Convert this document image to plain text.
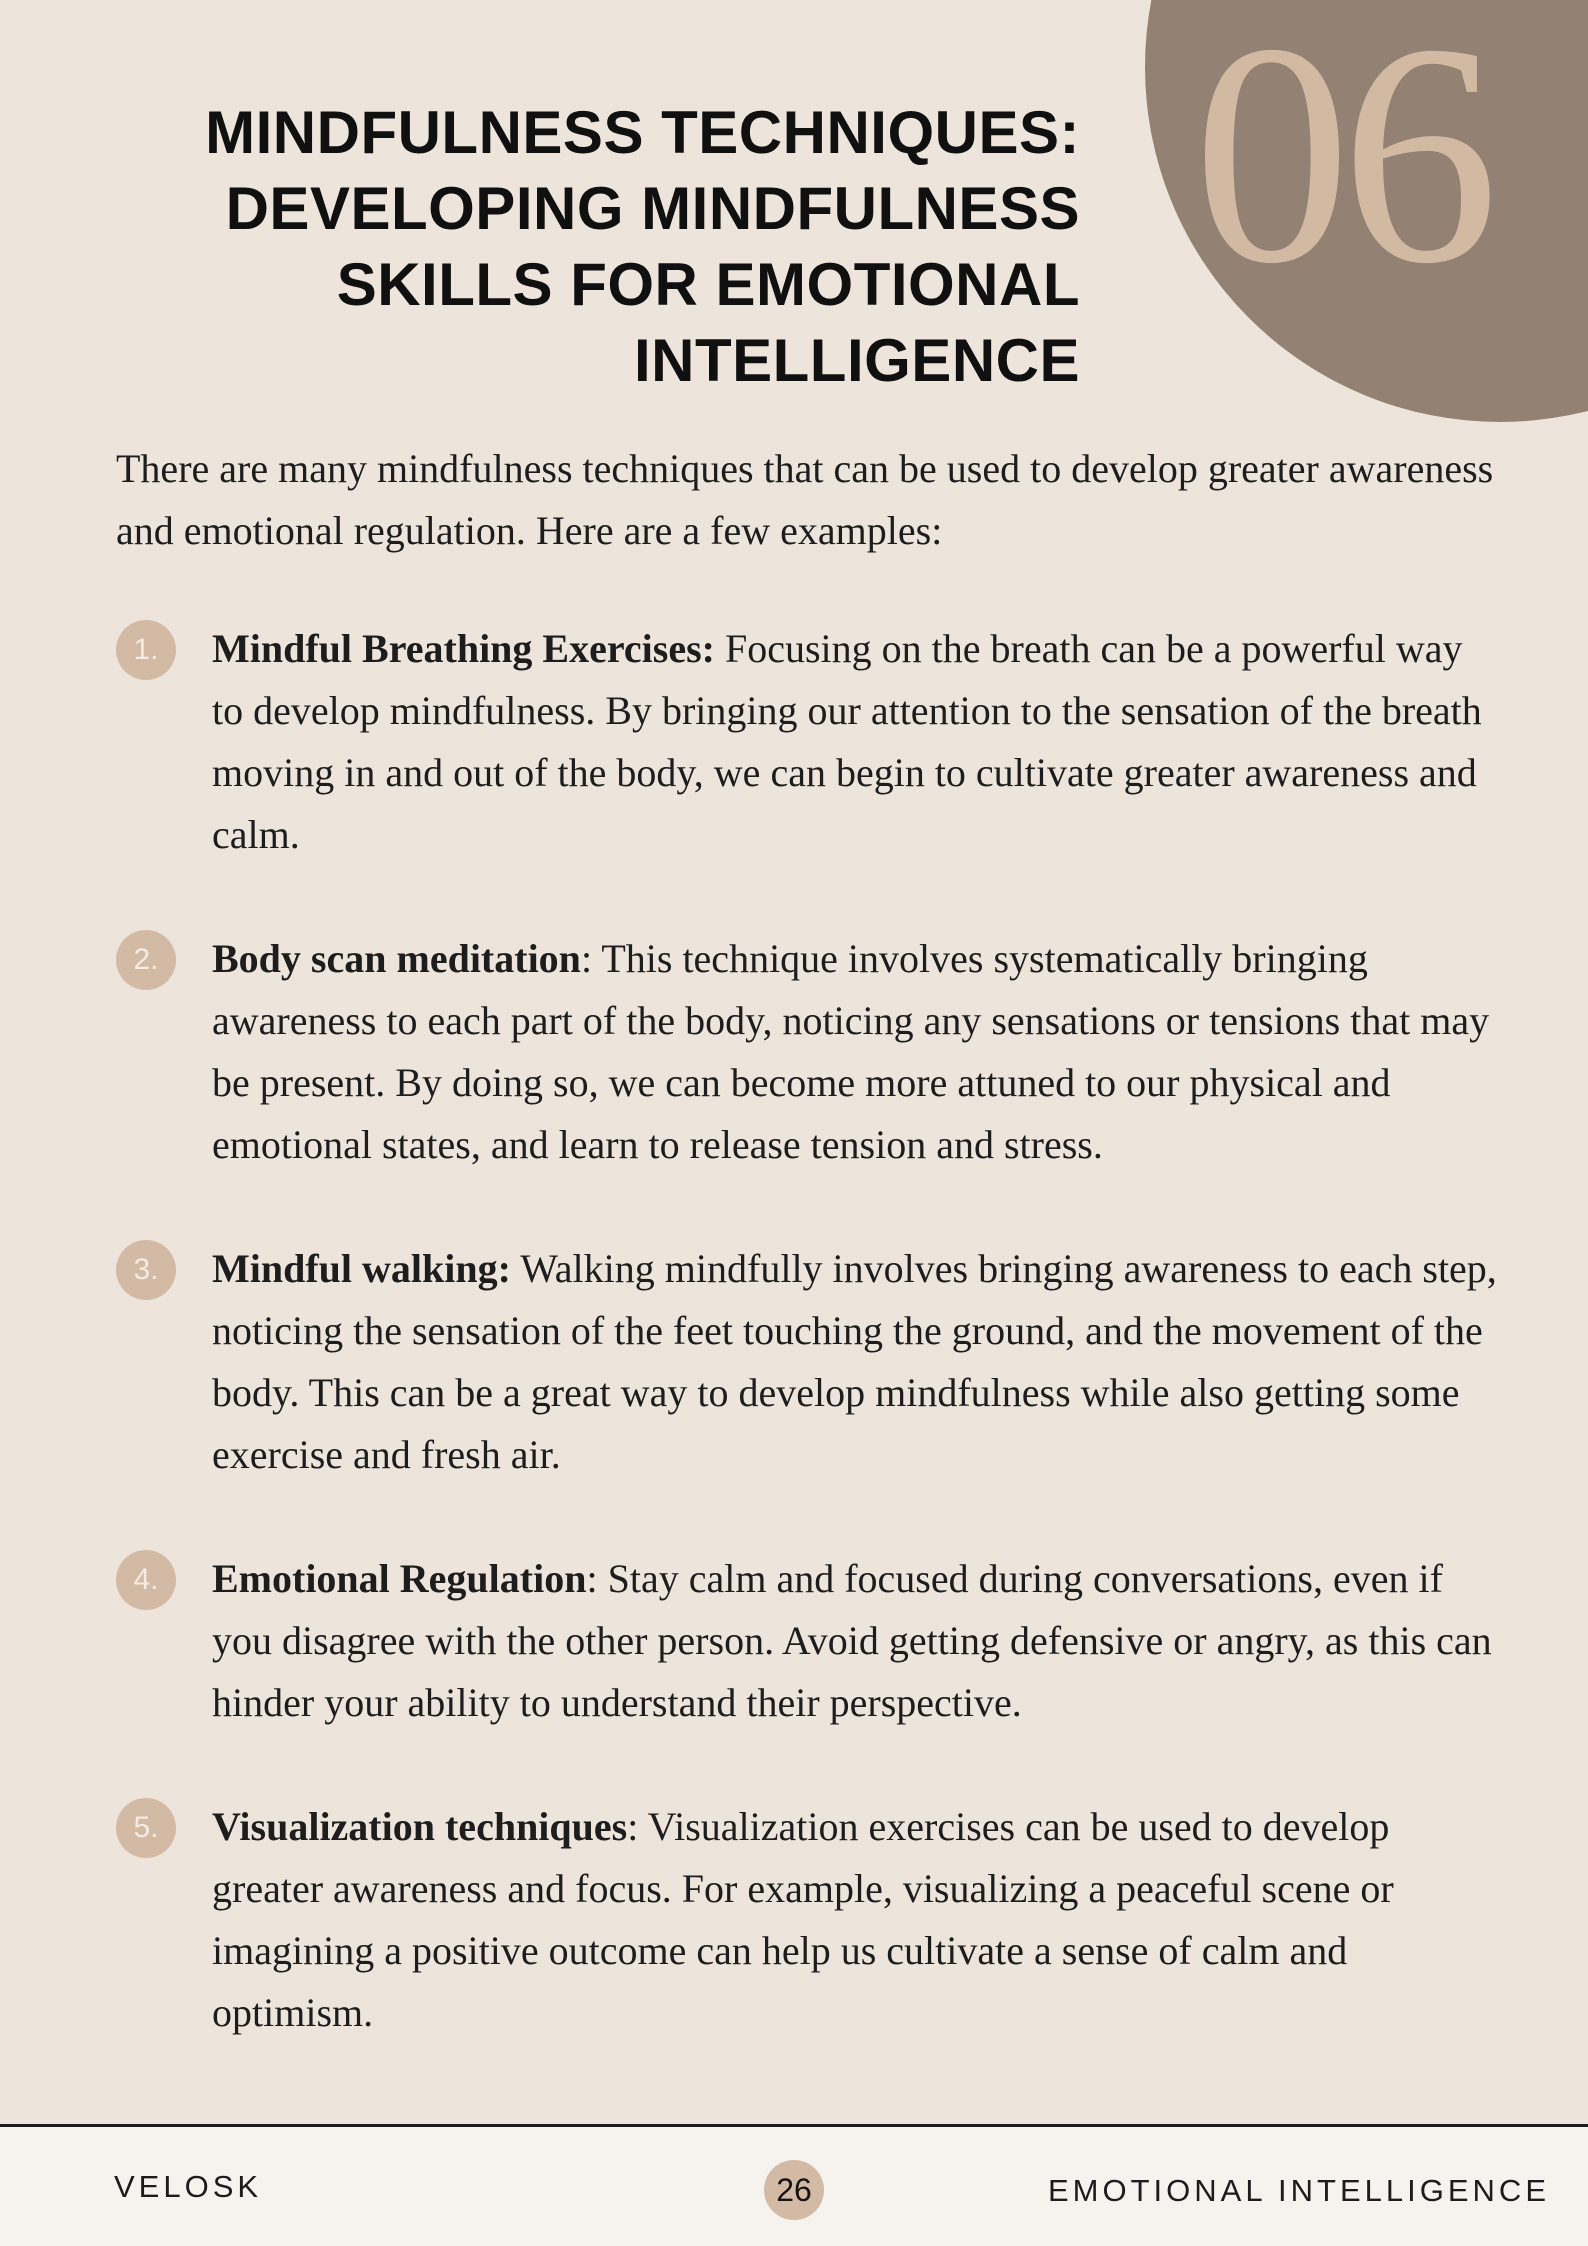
06
MINDFULNESS TECHNIQUES:
DEVELOPING MINDFULNESS
SKILLS FOR EMOTIONAL
INTELLIGENCE

There are many mindfulness techniques that can be used to develop greater awareness and emotional regulation. Here are a few examples:

1.	Mindful Breathing Exercises: Focusing on the breath can be a powerful way to develop mindfulness. By bringing our attention to the sensation of the breath moving in and out of the body, we can begin to cultivate greater awareness and calm.

2.	Body scan meditation: This technique involves systematically bringing awareness to each part of the body, noticing any sensations or tensions that may be present. By doing so, we can become more attuned to our physical and emotional states, and learn to release tension and stress.

3.	Mindful walking: Walking mindfully involves bringing awareness to each step, noticing the sensation of the feet touching the ground, and the movement of the body. This can be a great way to develop mindfulness while also getting some exercise and fresh air.

4.	Emotional Regulation: Stay calm and focused during conversations, even if you disagree with the other person. Avoid getting defensive or angry, as this can hinder your ability to understand their perspective.

5.	Visualization techniques: Visualization exercises can be used to develop greater awareness and focus. For example, visualizing a peaceful scene or imagining a positive outcome can help us cultivate a sense of calm and optimism.

VELOSK	26	EMOTIONAL INTELLIGENCE
